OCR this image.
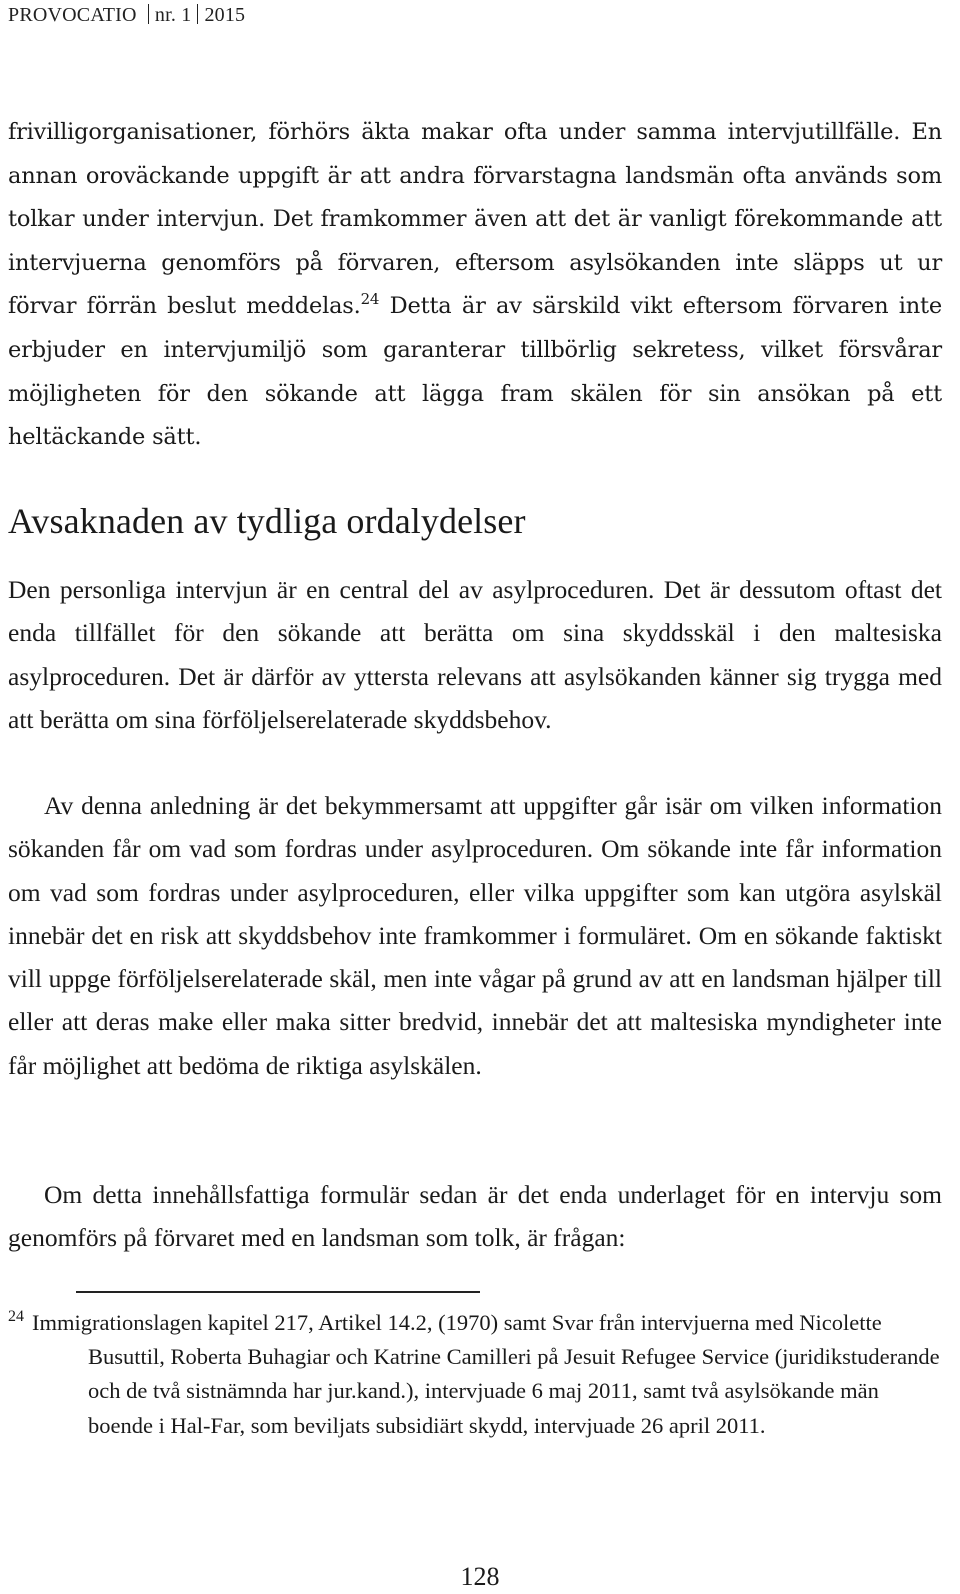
PROVOCATIO nr. 1 2015

frivilligorganisationer, förhörs äkta makar ofta under samma intervjutillfälle. En annan oroväckande uppgift är att andra förvarstagna landsmän ofta används som tolkar under intervjun. Det framkommer även att det är vanligt förekommande att intervjuerna genomförs på förvaren, eftersom asylsökanden inte släpps ut ur förvar förrän beslut meddelas.$^{24}$ Detta är av särskild vikt eftersom förvaren inte erbjuder en intervjumiljö som garanterar tillbörlig sekretess, vilket försvårar möjligheten för den sökande att lägga fram skälen för sin ansökan på ett heltäckande sätt.

Avsaknaden av tydliga ordalydelser

Den personliga intervjun är en central del av asylproceduren. Det är dessutom oftast det enda tillfället för den sökande att berätta om sina skyddsskäl i den maltesiska asylproceduren. Det är därför av yttersta relevans att asylsökanden känner sig trygga med att berätta om sina förföljelserelaterade skyddsbehov.

Av denna anledning är det bekymmersamt att uppgifter går isär om vilken information sökanden får om vad som fordras under asylproceduren. Om sökande inte får information om vad som fordras under asylproceduren, eller vilka uppgifter som kan utgöra asylskäl innebär det en risk att skyddsbehov inte framkommer i formuläret. Om en sökande faktiskt vill uppge förföljelserelaterade skäl, men inte vågar på grund av att en landsman hjälper till eller att deras make eller maka sitter bredvid, innebär det att maltesiska myndigheter inte får möjlighet att bedöma de riktiga asylskälen.

Om detta innehållsfattiga formulär sedan är det enda underlaget för en intervju som genomförs på förvaret med en landsman som tolk, är frågan:

24 Immigrationslagen kapitel 217, Artikel 14.2, (1970) samt Svar från intervjuerna med Nicolette Busuttil, Roberta Buhagiar och Katrine Camilleri på Jesuit Refugee Service (juridikstuderande och de två sistnämnda har jur.kand.), intervjuade 6 maj 2011, samt två asylsökande män boende i Hal-Far, som beviljats subsidiärt skydd, intervjuade 26 april 2011.
128
